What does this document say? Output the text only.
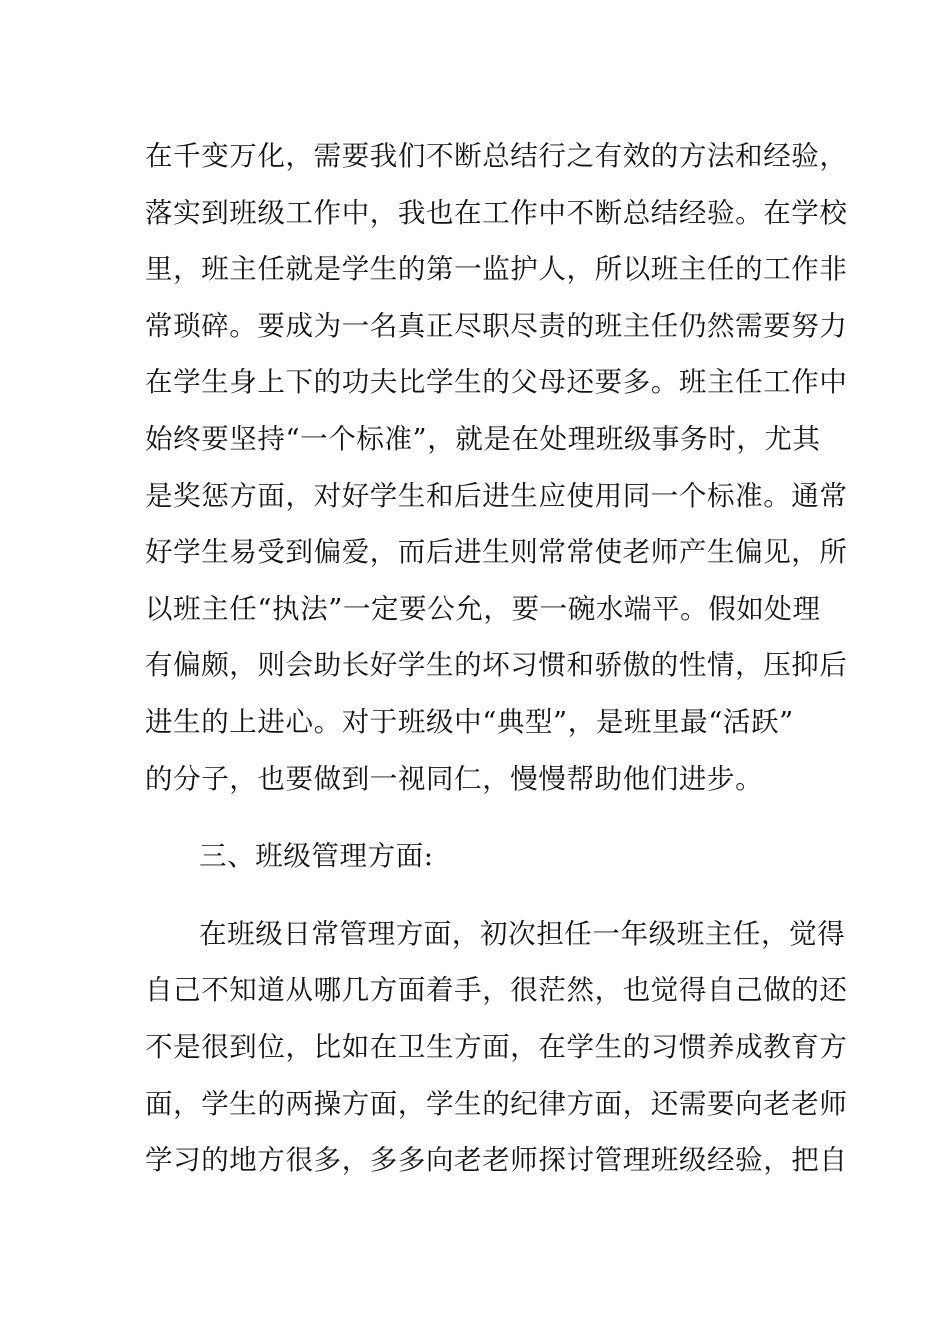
在千变万化，需要我们不断总结行之有效的方法和经验，
落实到班级工作中，我也在工作中不断总结经验。在学校
里，班主任就是学生的第一监护人，所以班主任的工作非
常琐碎。要成为一名真正尽职尽责的班主任仍然需要努力
在学生身上下的功夫比学生的父母还要多。班主任工作中
始终要坚持“一个标准”，就是在处理班级事务时，尤其
是奖惩方面，对好学生和后进生应使用同一个标准。通常
好学生易受到偏爱，而后进生则常常使老师产生偏见，所
以班主任“执法”一定要公允，要一碗水端平。假如处理
有偏颇，则会助长好学生的坏习惯和骄傲的性情，压抑后
进生的上进心。对于班级中“典型”，是班里最“活跃”
的分子，也要做到一视同仁，慢慢帮助他们进步。
三、班级管理方面:
在班级日常管理方面，初次担任一年级班主任，觉得
自己不知道从哪几方面着手，很茫然，也觉得自己做的还
不是很到位，比如在卫生方面，在学生的习惯养成教育方
面，学生的两操方面，学生的纪律方面，还需要向老老师
学习的地方很多，多多向老老师探讨管理班级经验，把自
